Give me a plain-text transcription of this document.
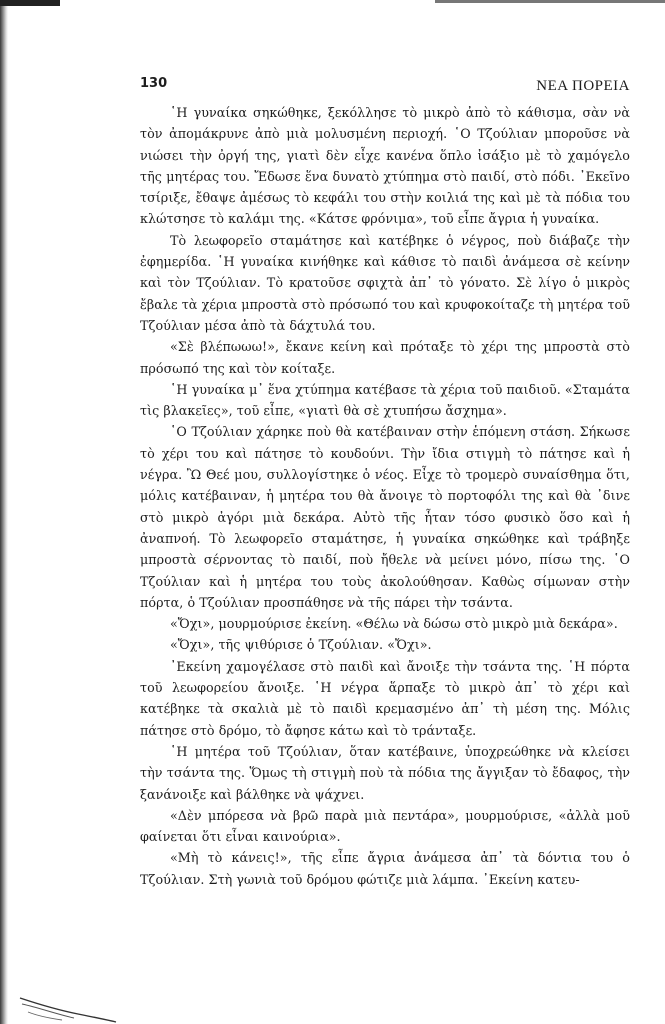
130	ΝΕΑ ΠΟΡΕΙΑ

῾Η γυναίκα σηκώθηκε, ξεκόλλησε τὸ μικρὸ ἀπὸ τὸ κάθισμα, σὰν νὰ τὸν ἀπομάκρυνε ἀπὸ μιὰ μολυσμένη περιοχή. ῾Ο Τζούλιαν μποροῦσε νὰ νιώσει τὴν ὀργή της, γιατὶ δὲν εἶχε κανένα ὅπλο ἰσάξιο μὲ τὸ χαμόγελο τῆς μητέρας του. Ἔδωσε ἕνα δυνατὸ χτύπημα στὸ παιδί, στὸ πόδι. ᾿Εκεῖνο τσίριξε, ἔθαψε ἀμέσως τὸ κεφάλι του στὴν κοιλιά της καὶ μὲ τὰ πόδια του κλώτσησε τὸ καλάμι της. «Κάτσε φρόνιμα», τοῦ εἶπε ἄγρια ἡ γυναίκα.

Τὸ λεωφορεῖο σταμάτησε καὶ κατέβηκε ὁ νέγρος, ποὺ διάβαζε τὴν ἐφημερίδα. ῾Η γυναίκα κινήθηκε καὶ κάθισε τὸ παιδὶ ἀνάμεσα σὲ κείνην καὶ τὸν Τζούλιαν. Τὸ κρατοῦσε σφιχτὰ ἀπ᾿ τὸ γόνατο. Σὲ λίγο ὁ μικρὸς ἔβαλε τὰ χέρια μπροστὰ στὸ πρόσωπό του καὶ κρυφοκοίταζε τὴ μητέρα τοῦ Τζούλιαν μέσα ἀπὸ τὰ δάχτυλά του.

«Σὲ βλέπωωω!», ἔκανε κείνη καὶ πρόταξε τὸ χέρι της μπροστὰ στὸ πρόσωπό της καὶ τὸν κοίταξε.

῾Η γυναίκα μ᾿ ἕνα χτύπημα κατέβασε τὰ χέρια τοῦ παιδιοῦ. «Σταμάτα τὶς βλακεῖες», τοῦ εἶπε, «γιατὶ θὰ σὲ χτυπήσω ἄσχημα».

῾Ο Τζούλιαν χάρηκε ποὺ θὰ κατέβαιναν στὴν ἑπόμενη στάση. Σήκωσε τὸ χέρι του καὶ πάτησε τὸ κουδούνι. Τὴν ἴδια στιγμὴ τὸ πάτησε καὶ ἡ νέγρα. Ὢ Θεέ μου, συλλογίστηκε ὁ νέος. Εἶχε τὸ τρομερὸ συναίσθημα ὅτι, μόλις κατέβαιναν, ἡ μητέρα του θὰ ἄνοιγε τὸ πορτοφόλι της καὶ θὰ ᾿δινε στὸ μικρὸ ἀγόρι μιὰ δεκάρα. Αὐτὸ τῆς ἦταν τόσο φυσικὸ ὅσο καὶ ἡ ἀναπνοή. Τὸ λεωφορεῖο σταμάτησε, ἡ γυναίκα σηκώθηκε καὶ τράβηξε μπροστὰ σέρνοντας τὸ παιδί, ποὺ ἤθελε νὰ μείνει μόνο, πίσω της. ῾Ο Τζούλιαν καὶ ἡ μητέρα του τοὺς ἀκολούθησαν. Καθὼς σίμωναν στὴν πόρτα, ὁ Τζούλιαν προσπάθησε νὰ τῆς πάρει τὴν τσάντα.

«Ὄχι», μουρμούρισε ἐκείνη. «Θέλω νὰ δώσω στὸ μικρὸ μιὰ δεκάρα».

«Ὄχι», τῆς ψιθύρισε ὁ Τζούλιαν. «Ὄχι».

᾿Εκείνη χαμογέλασε στὸ παιδὶ καὶ ἄνοιξε τὴν τσάντα της. ῾Η πόρτα τοῦ λεωφορείου ἄνοιξε. ῾Η νέγρα ἅρπαξε τὸ μικρὸ ἀπ᾿ τὸ χέρι καὶ κατέβηκε τὰ σκαλιὰ μὲ τὸ παιδὶ κρεμασμένο ἀπ᾿ τὴ μέση της. Μόλις πάτησε στὸ δρόμο, τὸ ἄφησε κάτω καὶ τὸ τράνταξε.

῾Η μητέρα τοῦ Τζούλιαν, ὅταν κατέβαινε, ὑποχρεώθηκε νὰ κλείσει τὴν τσάντα της. Ὅμως τὴ στιγμὴ ποὺ τὰ πόδια της ἄγγιξαν τὸ ἔδαφος, τὴν ξανάνοιξε καὶ βάλθηκε νὰ ψάχνει.

«Δὲν μπόρεσα νὰ βρῶ παρὰ μιὰ πεντάρα», μουρμούρισε, «ἀλλὰ μοῦ φαίνεται ὅτι εἶναι καινούρια».

«Μὴ τὸ κάνεις!», τῆς εἶπε ἄγρια ἀνάμεσα ἀπ᾿ τὰ δόντια του ὁ Τζούλιαν. Στὴ γωνιὰ τοῦ δρόμου φώτιζε μιὰ λάμπα. ᾿Εκείνη κατευ-
